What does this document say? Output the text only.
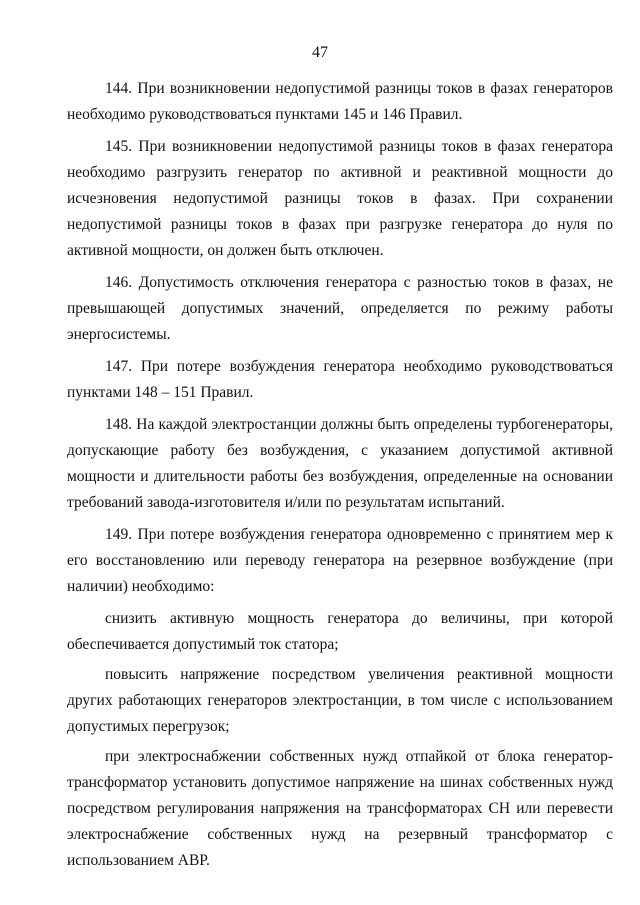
47

144. При возникновении недопустимой разницы токов в фазах генераторов необходимо руководствоваться пунктами 145 и 146 Правил.

145. При возникновении недопустимой разницы токов в фазах генератора необходимо разгрузить генератор по активной и реактивной мощности до исчезновения недопустимой разницы токов в фазах. При сохранении недопустимой разницы токов в фазах при разгрузке генератора до нуля по активной мощности, он должен быть отключен.

146. Допустимость отключения генератора с разностью токов в фазах, не превышающей допустимых значений, определяется по режиму работы энергосистемы.

147. При потере возбуждения генератора необходимо руководствоваться пунктами 148 – 151 Правил.

148. На каждой электростанции должны быть определены турбогенераторы, допускающие работу без возбуждения, с указанием допустимой активной мощности и длительности работы без возбуждения, определенные на основании требований завода-изготовителя и/или по результатам испытаний.

149. При потере возбуждения генератора одновременно с принятием мер к его восстановлению или переводу генератора на резервное возбуждение (при наличии) необходимо:

снизить активную мощность генератора до величины, при которой обеспечивается допустимый ток статора;

повысить напряжение посредством увеличения реактивной мощности других работающих генераторов электростанции, в том числе с использованием допустимых перегрузок;

при электроснабжении собственных нужд отпайкой от блока генератор-трансформатор установить допустимое напряжение на шинах собственных нужд посредством регулирования напряжения на трансформаторах СН или перевести электроснабжение собственных нужд на резервный трансформатор с использованием АВР.
